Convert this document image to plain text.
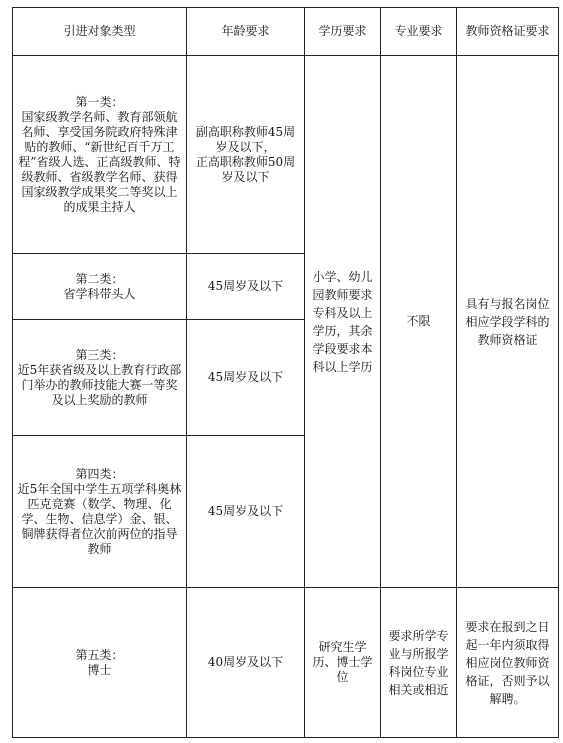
引进对象类型	年龄要求	学历要求	专业要求	教师资格证要求

第一类：
国家级教学名师、教育部领航名师、享受国务院政府特殊津贴的教师、“新世纪百千万工程”省级人选、正高级教师、特级教师、省级教学名师、获得国家级教学成果奖二等奖以上的成果主持人	副高职称教师45周岁及以下，
正高职称教师50周岁及以下	小学、幼儿园教师要求专科及以上学历，其余学段要求本科以上学历	不限	具有与报名岗位相应学段学科的教师资格证

第二类：
省学科带头人	45周岁及以下			

第三类：
近5年获省级及以上教育行政部门举办的教师技能大赛一等奖及以上奖励的教师	45周岁及以下			

第四类：
近5年全国中学生五项学科奥林匹克竞赛（数学、物理、化学、生物、信息学）金、银、铜牌获得者位次前两位的指导教师	45周岁及以下			

第五类：
博士	40周岁及以下	研究生学历、博士学位	要求所学专业与所报学科岗位专业相关或相近	要求在报到之日起一年内须取得相应岗位教师资格证，否则予以解聘。
